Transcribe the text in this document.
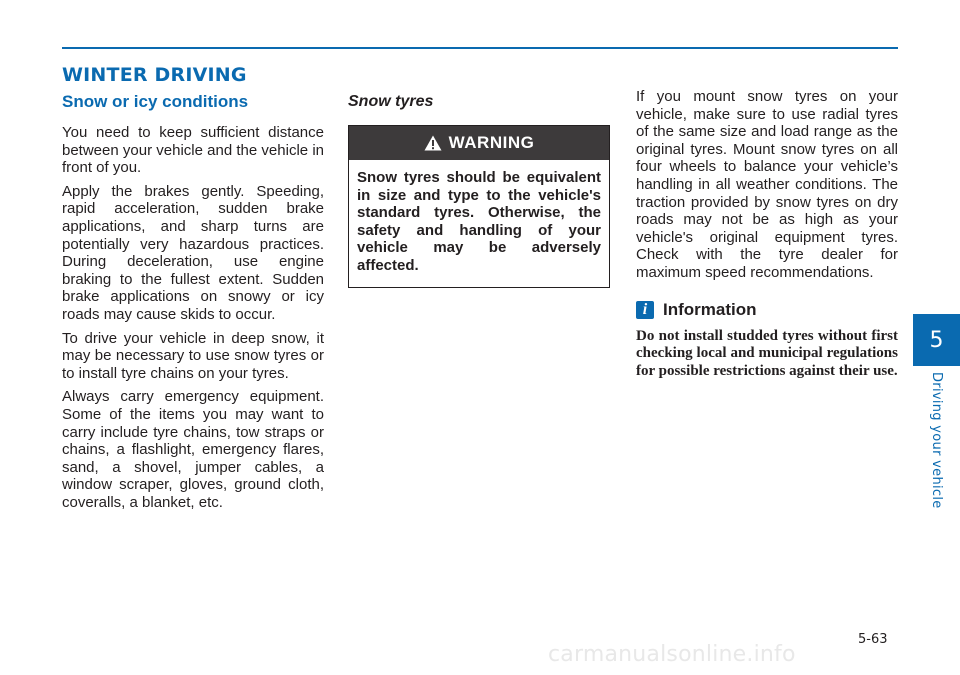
WINTER DRIVING
Snow or icy conditions

You need to keep sufficient distance between your vehicle and the vehicle in front of you.

Apply the brakes gently. Speeding, rapid acceleration, sudden brake applications, and sharp turns are potentially very hazardous practices. During deceleration, use engine braking to the fullest extent. Sudden brake applications on snowy or icy roads may cause skids to occur.

To drive your vehicle in deep snow, it may be necessary to use snow tyres or to install tyre chains on your tyres.

Always carry emergency equipment. Some of the items you may want to carry include tyre chains, tow straps or chains, a flashlight, emergency flares, sand, a shovel, jumper cables, a window scraper, gloves, ground cloth, coveralls, a blanket, etc.

Snow tyres
WARNING
Snow tyres should be equivalent in size and type to the vehicle's standard tyres. Otherwise, the safety and handling of your vehicle may be adversely affected.

If you mount snow tyres on your vehicle, make sure to use radial tyres of the same size and load range as the original tyres. Mount snow tyres on all four wheels to balance your vehicle’s handling in all weather conditions. The traction provided by snow tyres on dry roads may not be as high as your vehicle's original equipment tyres. Check with the tyre dealer for maximum speed recommendations.

i Information

Do not install studded tyres without first checking local and municipal regulations for possible restrictions against their use.

5
Driving your vehicle
5-63
carmanualsonline.info
